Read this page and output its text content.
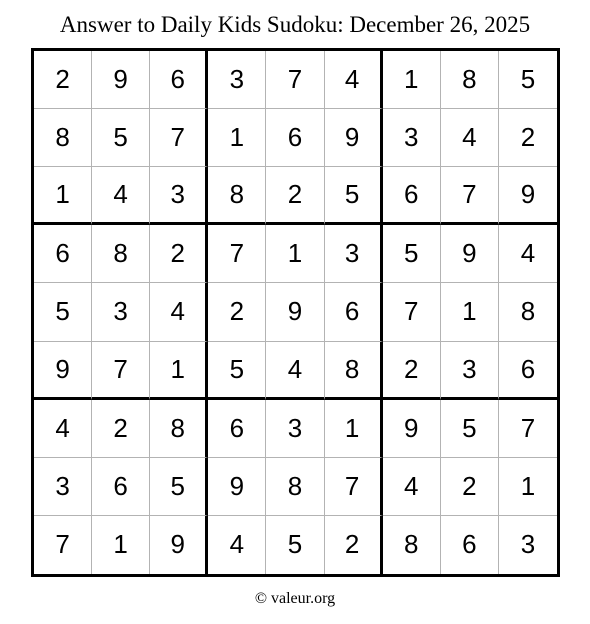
Answer to Daily Kids Sudoku: December 26, 2025
2	9	6	3	7	4	1	8	5
8	5	7	1	6	9	3	4	2
1	4	3	8	2	5	6	7	9
6	8	2	7	1	3	5	9	4
5	3	4	2	9	6	7	1	8
9	7	1	5	4	8	2	3	6
4	2	8	6	3	1	9	5	7
3	6	5	9	8	7	4	2	1
7	1	9	4	5	2	8	6	3
© valeur.org
